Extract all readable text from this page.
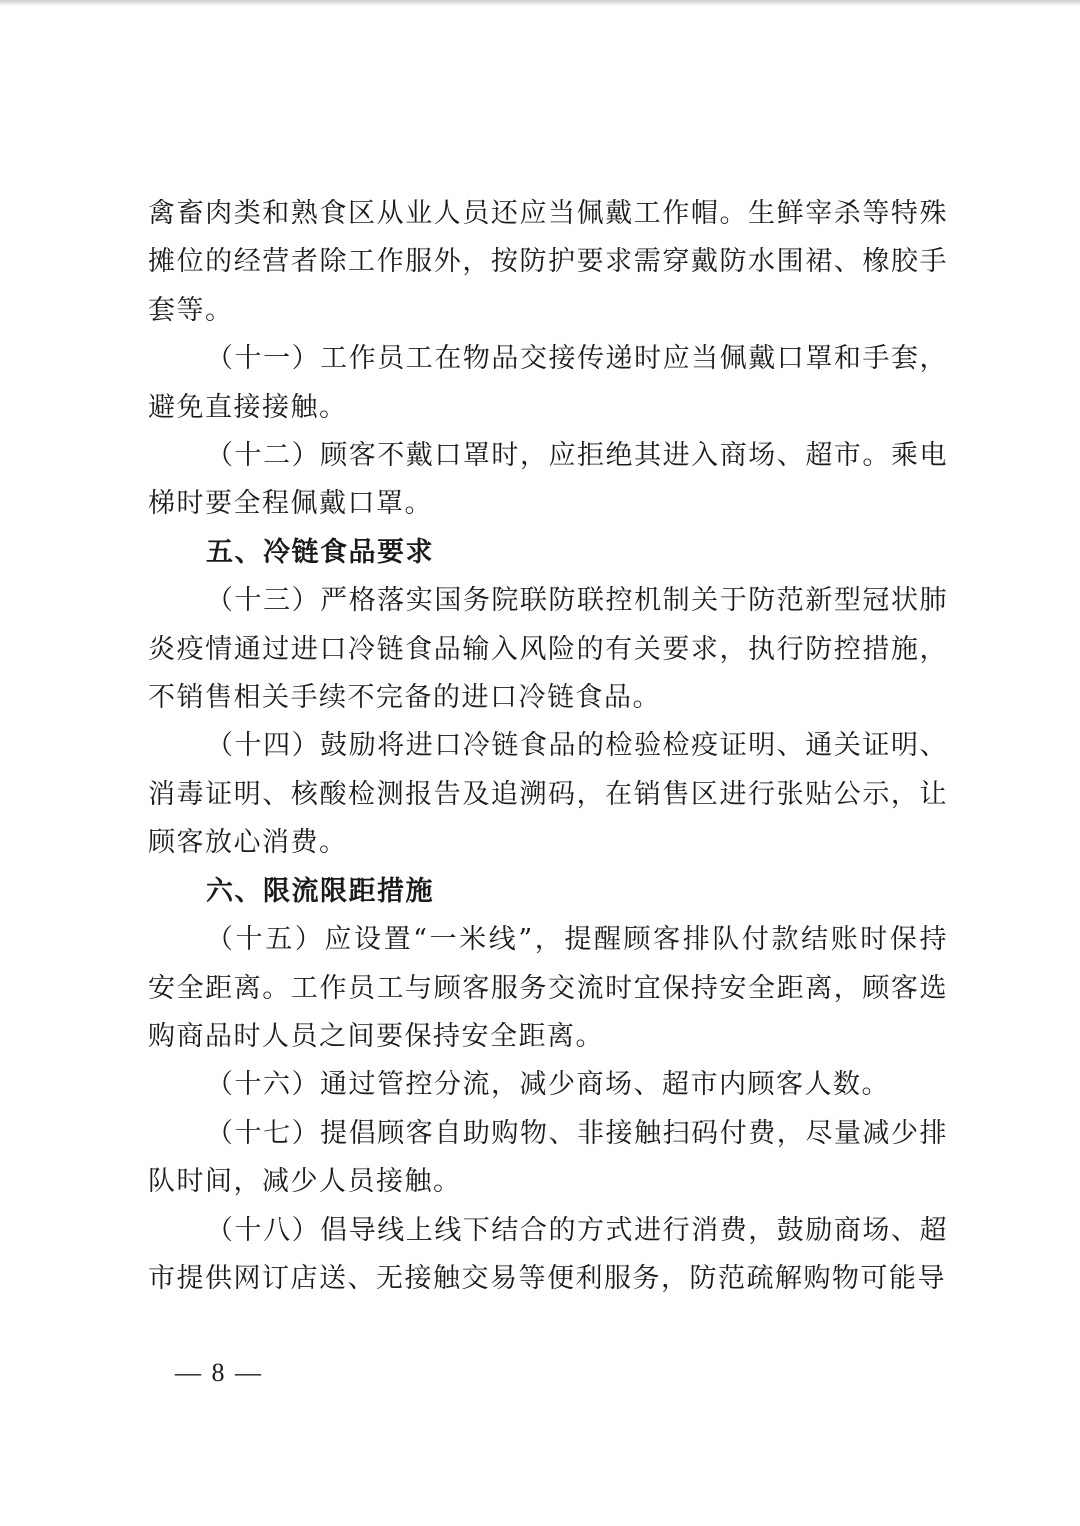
禽畜肉类和熟食区从业人员还应当佩戴工作帽。生鲜宰杀等特殊摊位的经营者除工作服外，按防护要求需穿戴防水围裙、橡胶手套等。

（十一）工作员工在物品交接传递时应当佩戴口罩和手套，避免直接接触。

（十二）顾客不戴口罩时，应拒绝其进入商场、超市。乘电梯时要全程佩戴口罩。

五、冷链食品要求

（十三）严格落实国务院联防联控机制关于防范新型冠状肺炎疫情通过进口冷链食品输入风险的有关要求，执行防控措施，不销售相关手续不完备的进口冷链食品。

（十四）鼓励将进口冷链食品的检验检疫证明、通关证明、消毒证明、核酸检测报告及追溯码，在销售区进行张贴公示，让顾客放心消费。

六、限流限距措施

（十五）应设置“一米线”，提醒顾客排队付款结账时保持安全距离。工作员工与顾客服务交流时宜保持安全距离，顾客选购商品时人员之间要保持安全距离。

（十六）通过管控分流，减少商场、超市内顾客人数。

（十七）提倡顾客自助购物、非接触扫码付费，尽量减少排队时间，减少人员接触。

（十八）倡导线上线下结合的方式进行消费，鼓励商场、超市提供网订店送、无接触交易等便利服务，防范疏解购物可能导

— 8 —
